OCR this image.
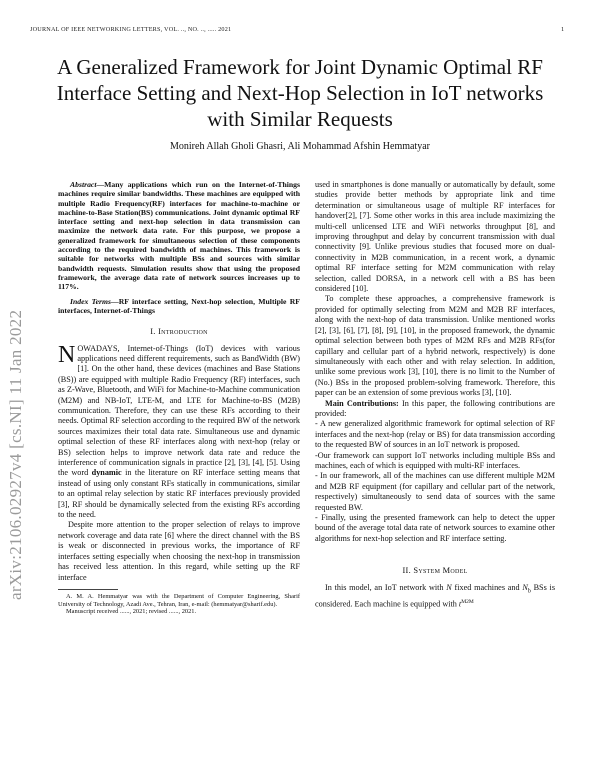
JOURNAL OF IEEE NETWORKING LETTERS, VOL. .., NO. .., ..... 2021	1
arXiv:2106.02927v4 [cs.NI] 11 Jan 2022
A Generalized Framework for Joint Dynamic Optimal RF Interface Setting and Next-Hop Selection in IoT networks with Similar Requests
Monireh Allah Gholi Ghasri, Ali Mohammad Afshin Hemmatyar

Abstract—Many applications which run on the Internet-of-Things machines require similar bandwidths. These machines are equipped with multiple Radio Frequency(RF) interfaces for machine-to-machine or machine-to-Base Station(BS) communications. Joint dynamic optimal RF interface setting and next-hop selection in data transmission can maximize the network data rate. For this purpose, we propose a generalized framework for simultaneous selection of these components according to the required bandwidth of machines. This framework is suitable for networks with multiple BSs and sources with similar bandwidth requests. Simulation results show that using the proposed framework, the average data rate of network sources increases up to 117%.

Index Terms—RF interface setting, Next-hop selection, Multiple RF interfaces, Internet-of-Things

I. Introduction

NOWADAYS, Internet-of-Things (IoT) devices with various applications need different requirements, such as BandWidth (BW) [1]. On the other hand, these devices (machines and Base Stations (BS)) are equipped with multiple Radio Frequency (RF) interfaces, such as Z-Wave, Bluetooth, and WiFi for Machine-to-Machine communication (M2M) and NB-IoT, LTE-M, and LTE for Machine-to-BS (M2B) communication. Therefore, they can use these RFs according to their needs. Optimal RF selection according to the required BW of the network sources maximizes their total data rate. Simultaneous use and dynamic optimal selection of these RF interfaces along with next-hop (relay or BS) selection helps to improve network data rate and reduce the interference of communication signals in practice [2], [3], [4], [5]. Using the word dynamic in the literature on RF interface setting means that instead of using only constant RFs statically in communications, similar to an optimal relay selection by static RF interfaces previously provided [3], RF should be dynamically selected from the existing RFs according to the need.

Despite more attention to the proper selection of relays to improve network coverage and data rate [6] where the direct channel with the BS is weak or disconnected in previous works, the importance of RF interfaces setting especially when choosing the next-hop in transmission has received less attention. In this regard, while setting up the RF interface

A. M. A. Hemmatyar was with the Department of Computer Engineering, Sharif University of Technology, Azadi Ave., Tehran, Iran, e-mail: (hemmatyar@sharif.edu).

Manuscript received ......, 2021; revised ......, 2021.

used in smartphones is done manually or automatically by default, some studies provide better methods by appropriate link and time determination or simultaneous usage of multiple RF interfaces for handover[2], [7]. Some other works in this area include maximizing the multi-cell unlicensed LTE and WiFi networks throughput [8], and improving throughput and delay by concurrent transmission with dual connectivity [9]. Unlike previous studies that focused more on dual-connectivity in M2B communication, in a recent work, a dynamic optimal RF interface setting for M2M communication with relay selection, called DORSA, in a network cell with a BS has been considered [10].

To complete these approaches, a comprehensive framework is provided for optimally selecting from M2M and M2B RF interfaces, along with the next-hop of data transmission. Unlike mentioned works [2], [3], [6], [7], [8], [9], [10], in the proposed framework, the dynamic optimal selection between both types of M2M RFs and M2B RFs(for capillary and cellular part of a hybrid network, respectively) is done simultaneously with each other and with relay selection. In addition, unlike some previous work [3], [10], there is no limit to the Number of (No.) BSs in the proposed problem-solving framework. Therefore, this paper can be an extension of some previous works [3], [10].

Main Contributions: In this paper, the following contributions are provided:

- A new generalized algorithmic framework for optimal selection of RF interfaces and the next-hop (relay or BS) for data transmission according to the requested BW of sources in an IoT network is proposed.

-Our framework can support IoT networks including multiple BSs and machines, each of which is equipped with multi-RF interfaces.

- In our framework, all of the machines can use different multiple M2M and M2B RF equipment (for capillary and cellular part of the network, respectively) simultaneously to send data of sources with the same requested BW.

- Finally, using the presented framework can help to detect the upper bound of the average total data rate of network sources to examine other algorithms for next-hop selection and RF interface setting.

II. System Model

In this model, an IoT network with N fixed machines and $N_b$ BSs is considered. Each machine is equipped with $t^{M2M}$
